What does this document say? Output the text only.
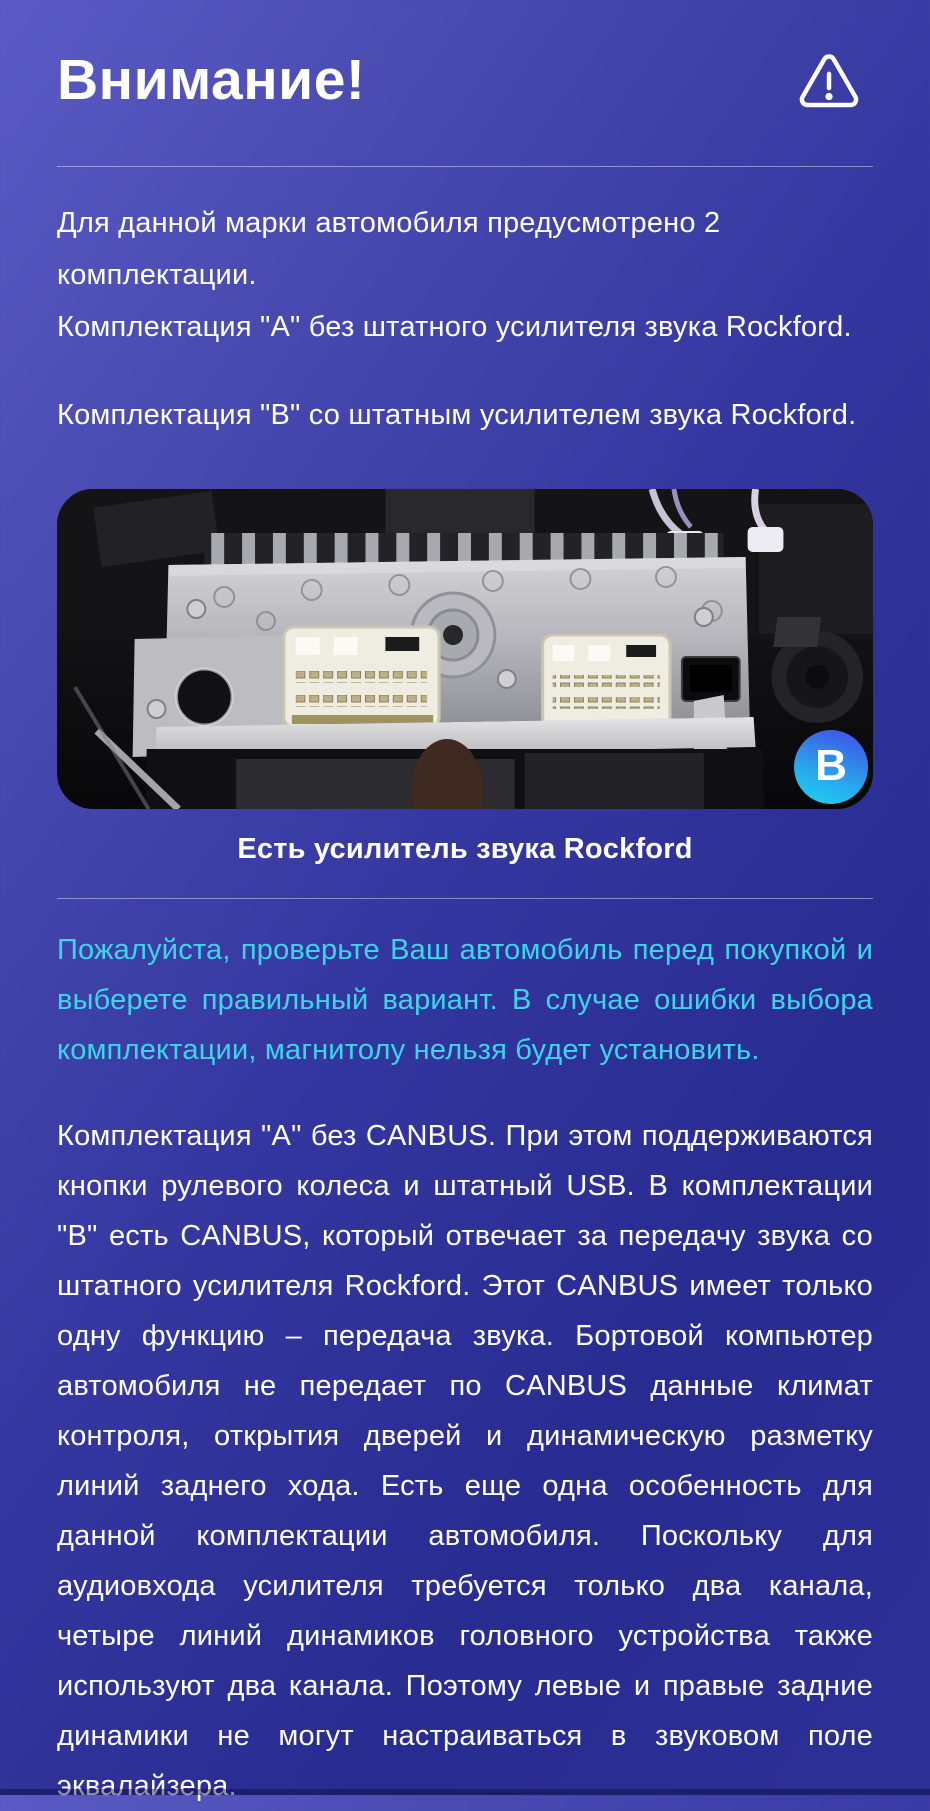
Внимание!

Для данной марки автомобиля предусмотрено 2 комплектации.

Комплектация "А" без штатного усилителя звука Rockford.

Комплектация "В" со штатным усилителем звука Rockford.

B

Есть усилитель звука Rockford

Пожалуйста, проверьте Ваш автомобиль перед покупкой и выберете правильный вариант. В случае ошибки выбора комплектации, магнитолу нельзя будет установить.

Комплектация "А" без CANBUS. При этом поддерживаются кнопки рулевого колеса и штатный USB. В комплектации "В" есть CANBUS, который отвечает за передачу звука со штатного усилителя Rockford. Этот CANBUS имеет только одну функцию – передача звука. Бортовой компьютер автомобиля не передает по CANBUS данные климат контроля, открытия дверей и динамическую разметку линий заднего хода. Есть еще одна особенность для данной комплектации автомобиля. Поскольку для аудиовхода усилителя требуется только два канала, четыре линий динамиков головного устройства также используют два канала. Поэтому левые и правые задние динамики не могут настраиваться в звуковом поле эквалайзера.
